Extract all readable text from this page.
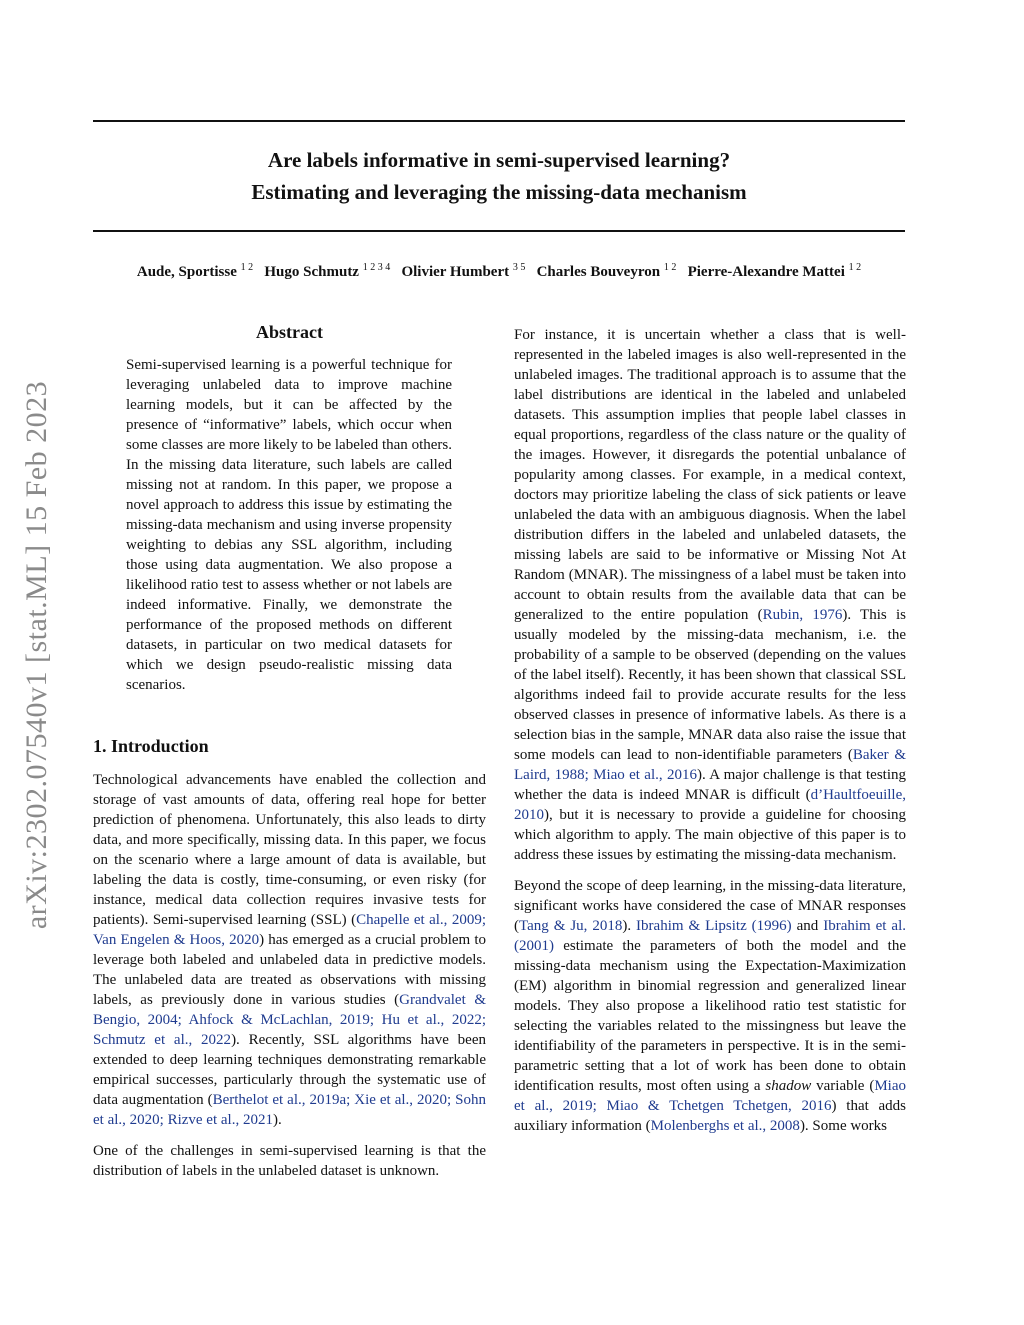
Are labels informative in semi-supervised learning?
Estimating and leveraging the missing-data mechanism
Aude, Sportisse $^{1 2}$ Hugo Schmutz $^{1 2 3 4}$ Olivier Humbert $^{3 5}$ Charles Bouveyron $^{1 2}$ Pierre-Alexandre Mattei $^{1 2}$
arXiv:2302.07540v1 [stat.ML] 15 Feb 2023
Abstract
Semi-supervised learning is a powerful technique for leveraging unlabeled data to improve machine learning models, but it can be affected by the presence of “informative” labels, which occur when some classes are more likely to be labeled than others. In the missing data literature, such labels are called missing not at random. In this paper, we propose a novel approach to address this issue by estimating the missing-data mechanism and using inverse propensity weighting to debias any SSL algorithm, including those using data augmentation. We also propose a likelihood ratio test to assess whether or not labels are indeed informative. Finally, we demonstrate the performance of the proposed methods on different datasets, in particular on two medical datasets for which we design pseudo-realistic missing data scenarios.
1. Introduction

Technological advancements have enabled the collection and storage of vast amounts of data, offering real hope for better prediction of phenomena. Unfortunately, this also leads to dirty data, and more specifically, missing data. In this paper, we focus on the scenario where a large amount of data is available, but labeling the data is costly, time-consuming, or even risky (for instance, medical data collection requires invasive tests for patients). Semi-supervised learning (SSL) (Chapelle et al., 2009; Van Engelen & Hoos, 2020) has emerged as a crucial problem to leverage both labeled and unlabeled data in predictive models. The unlabeled data are treated as observations with missing labels, as previously done in various studies (Grandvalet & Bengio, 2004; Ahfock & McLachlan, 2019; Hu et al., 2022; Schmutz et al., 2022). Recently, SSL algorithms have been extended to deep learning techniques demonstrating remarkable empirical successes, particularly through the systematic use of data augmentation (Berthelot et al., 2019a; Xie et al., 2020; Sohn et al., 2020; Rizve et al., 2021).

One of the challenges in semi-supervised learning is that the distribution of labels in the unlabeled dataset is unknown.

For instance, it is uncertain whether a class that is well-represented in the labeled images is also well-represented in the unlabeled images. The traditional approach is to assume that the label distributions are identical in the labeled and unlabeled datasets. This assumption implies that people label classes in equal proportions, regardless of the class nature or the quality of the images. However, it disregards the potential unbalance of popularity among classes. For example, in a medical context, doctors may prioritize labeling the class of sick patients or leave unlabeled the data with an ambiguous diagnosis. When the label distribution differs in the labeled and unlabeled datasets, the missing labels are said to be informative or Missing Not At Random (MNAR). The missingness of a label must be taken into account to obtain results from the available data that can be generalized to the entire population (Rubin, 1976). This is usually modeled by the missing-data mechanism, i.e. the probability of a sample to be observed (depending on the values of the label itself). Recently, it has been shown that classical SSL algorithms indeed fail to provide accurate results for the less observed classes in presence of informative labels. As there is a selection bias in the sample, MNAR data also raise the issue that some models can lead to non-identifiable parameters (Baker & Laird, 1988; Miao et al., 2016). A major challenge is that testing whether the data is indeed MNAR is difficult (d’Haultfoeuille, 2010), but it is necessary to provide a guideline for choosing which algorithm to apply. The main objective of this paper is to address these issues by estimating the missing-data mechanism.

Beyond the scope of deep learning, in the missing-data literature, significant works have considered the case of MNAR responses (Tang & Ju, 2018). Ibrahim & Lipsitz (1996) and Ibrahim et al. (2001) estimate the parameters of both the model and the missing-data mechanism using the Expectation-Maximization (EM) algorithm in binomial regression and generalized linear models. They also propose a likelihood ratio test statistic for selecting the variables related to the missingness but leave the identifiability of the parameters in perspective. It is in the semi-parametric setting that a lot of work has been done to obtain identification results, most often using a shadow variable (Miao et al., 2019; Miao & Tchetgen Tchetgen, 2016) that adds auxiliary information (Molenberghs et al., 2008). Some works
